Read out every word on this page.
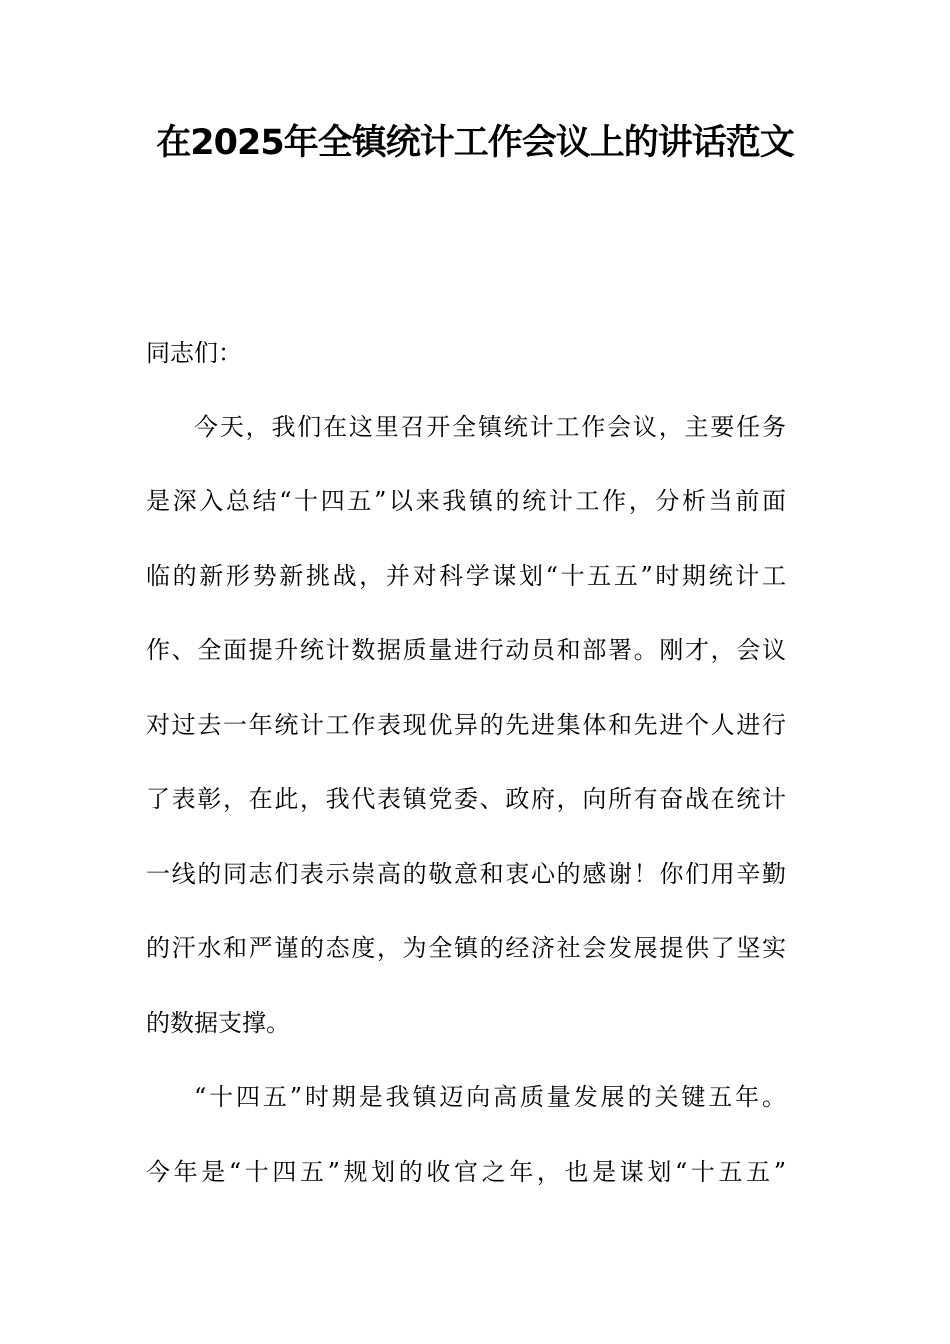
在2025年全镇统计工作会议上的讲话范文
同志们：
今天，我们在这里召开全镇统计工作会议，主要任务
是深入总结“十四五”以来我镇的统计工作，分析当前面
临的新形势新挑战，并对科学谋划“十五五”时期统计工
作、全面提升统计数据质量进行动员和部署。刚才，会议
对过去一年统计工作表现优异的先进集体和先进个人进行
了表彰，在此，我代表镇党委、政府，向所有奋战在统计
一线的同志们表示崇高的敬意和衷心的感谢！你们用辛勤
的汗水和严谨的态度，为全镇的经济社会发展提供了坚实
的数据支撑。
“十四五”时期是我镇迈向高质量发展的关键五年。
今年是“十四五”规划的收官之年，也是谋划“十五五”
